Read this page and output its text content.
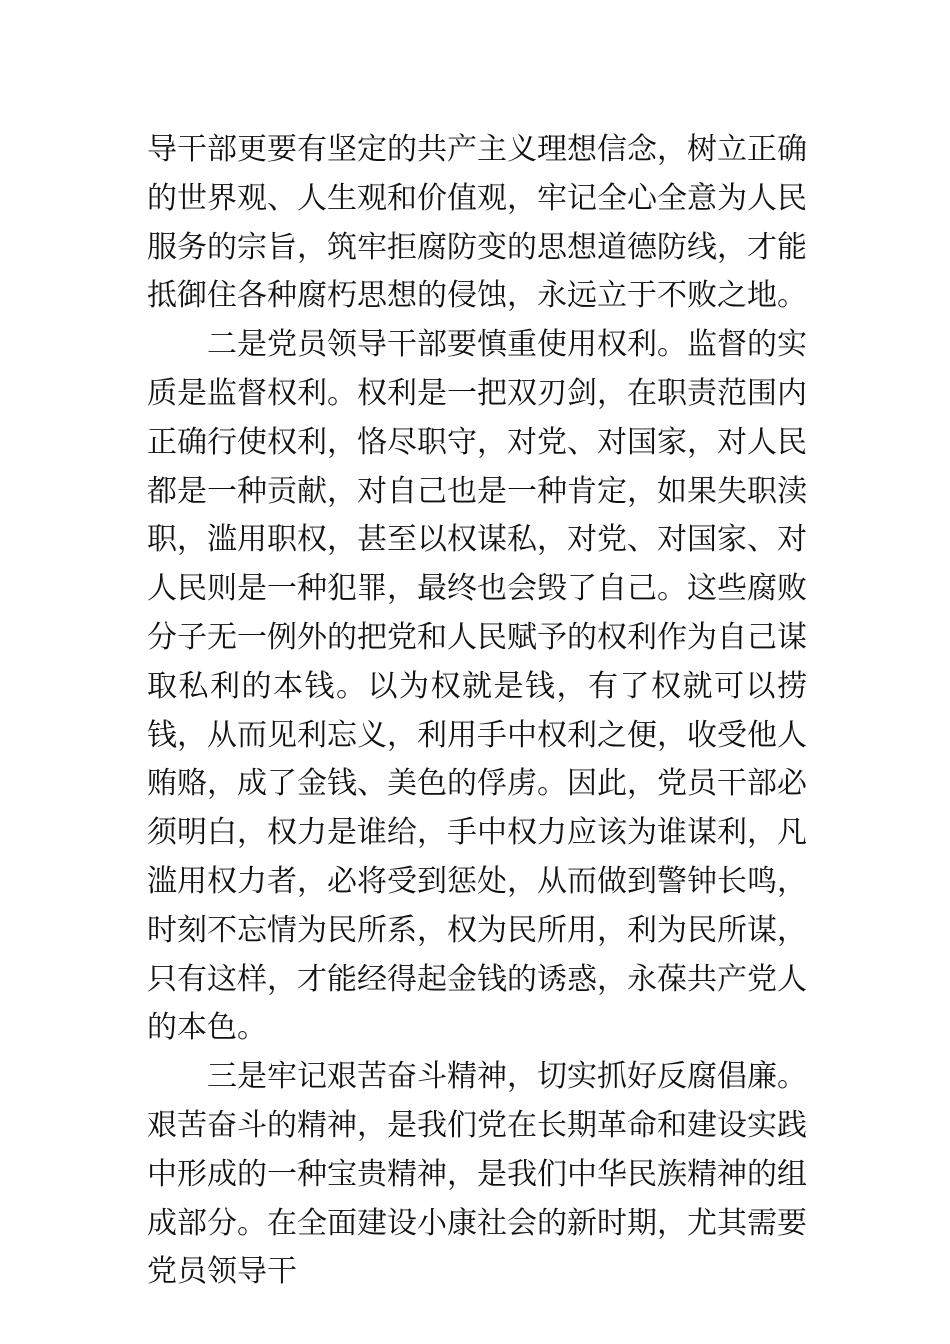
导干部更要有坚定的共产主义理想信念，树立正确的世界观、人生观和价值观，牢记全心全意为人民服务的宗旨，筑牢拒腐防变的思想道德防线，才能抵御住各种腐朽思想的侵蚀，永远立于不败之地。

二是党员领导干部要慎重使用权利。监督的实质是监督权利。权利是一把双刃剑，在职责范围内正确行使权利，恪尽职守，对党、对国家，对人民都是一种贡献，对自己也是一种肯定，如果失职渎职，滥用职权，甚至以权谋私，对党、对国家、对人民则是一种犯罪，最终也会毁了自己。这些腐败分子无一例外的把党和人民赋予的权利作为自己谋取私利的本钱。以为权就是钱，有了权就可以捞钱，从而见利忘义，利用手中权利之便，收受他人贿赂，成了金钱、美色的俘虏。因此，党员干部必须明白，权力是谁给，手中权力应该为谁谋利，凡滥用权力者，必将受到惩处，从而做到警钟长鸣，时刻不忘情为民所系，权为民所用，利为民所谋，只有这样，才能经得起金钱的诱惑，永葆共产党人的本色。

三是牢记艰苦奋斗精神，切实抓好反腐倡廉。艰苦奋斗的精神，是我们党在长期革命和建设实践中形成的一种宝贵精神，是我们中华民族精神的组成部分。在全面建设小康社会的新时期，尤其需要党员领导干
